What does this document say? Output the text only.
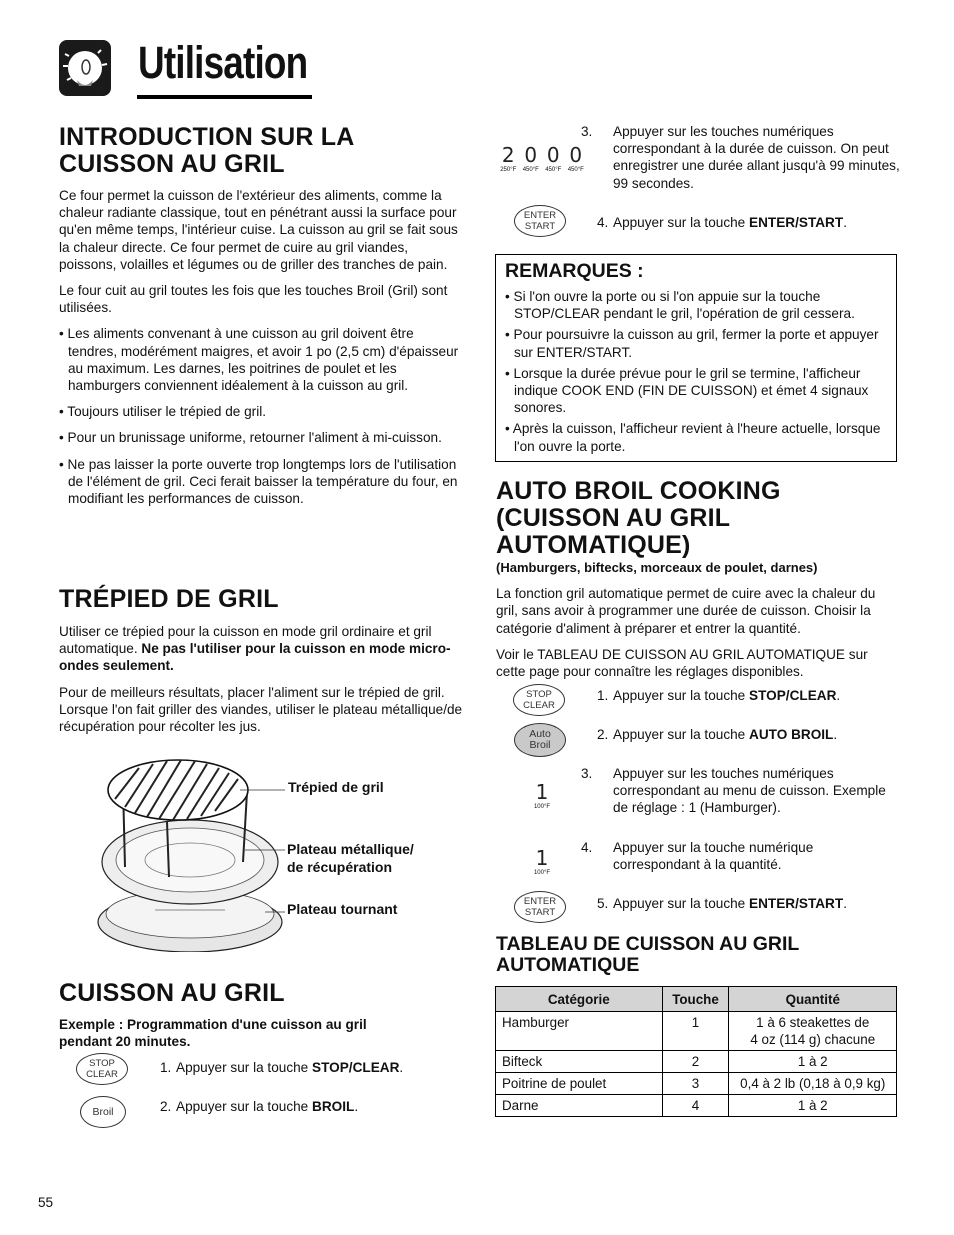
Utilisation
INTRODUCTION SUR LA
CUISSON AU GRIL

Ce four permet la cuisson de l'extérieur des aliments, comme la chaleur radiante classique, tout en pénétrant aussi la surface pour qu'en même temps, l'intérieur cuise. La cuisson au gril se fait sous la chaleur directe. Ce four permet de cuire au gril viandes, poissons, volailles et légumes ou de griller des tranches de pain.

Le four cuit au gril toutes les fois que les touches Broil (Gril) sont utilisées.

• Les aliments convenant à une cuisson au gril doivent être tendres, modérément maigres, et avoir 1 po (2,5 cm) d'épaisseur au maximum. Les darnes, les poitrines de poulet et les hamburgers conviennent idéalement à la cuisson au gril.
• Toujours utiliser le trépied de gril.
• Pour un brunissage uniforme, retourner l'aliment à mi-cuisson.
• Ne pas laisser la porte ouverte trop longtemps lors de l'utilisation de l'élément de gril. Ceci ferait baisser la température du four, en modifiant les performances de cuisson.
TRÉPIED DE GRIL

Utiliser ce trépied pour la cuisson en mode gril ordinaire et gril automatique. Ne pas l'utiliser pour la cuisson en mode micro-ondes seulement.

Pour de meilleurs résultats, placer l'aliment sur le trépied de gril. Lorsque l'on fait griller des viandes, utiliser le plateau métallique/de récupération pour récolter les jus.

Trépied de gril
Plateau métallique/
de récupération
Plateau tournant
CUISSON AU GRIL

Exemple : Programmation d'une cuisson au gril
pendant 20 minutes.

STOP
CLEAR	1. Appuyer sur la touche STOP/CLEAR.
Broil	2. Appuyer sur la touche BROIL.
55
2
250°F
0
450°F
0
450°F
0
450°F
3. Appuyer sur les touches numériques correspondant à la durée de cuisson. On peut enregistrer une durée allant jusqu'à 99 minutes, 99 secondes.
ENTER
START	4. Appuyer sur la touche ENTER/START.
REMARQUES :
• Si l'on ouvre la porte ou si l'on appuie sur la touche STOP/CLEAR pendant le gril, l'opération de gril cessera.
• Pour poursuivre la cuisson au gril, fermer la porte et appuyer sur ENTER/START.
• Lorsque la durée prévue pour le gril se termine, l'afficheur indique COOK END (FIN DE CUISSON) et émet 4 signaux sonores.
• Après la cuisson, l'afficheur revient à l'heure actuelle, lorsque l'on ouvre la porte.
AUTO BROIL COOKING
(CUISSON AU GRIL
AUTOMATIQUE)

(Hamburgers, biftecks, morceaux de poulet, darnes)

La fonction gril automatique permet de cuire avec la chaleur du gril, sans avoir à programmer une durée de cuisson. Choisir la catégorie d'aliment à préparer et entrer la quantité.

Voir le TABLEAU DE CUISSON AU GRIL AUTOMATIQUE sur cette page pour connaître les réglages disponibles.

STOP
CLEAR
1. Appuyer sur la touche STOP/CLEAR.
Auto
Broil
2. Appuyer sur la touche AUTO BROIL.
1
100°F
3. Appuyer sur les touches numériques correspondant au menu de cuisson. Exemple de réglage : 1 (Hamburger).
1
100°F
4. Appuyer sur la touche numérique correspondant à la quantité.
ENTER
START
5. Appuyer sur la touche ENTER/START.
TABLEAU DE CUISSON AU GRIL
AUTOMATIQUE
Catégorie	Touche	Quantité
Hamburger	1	1 à 6 steakettes de
4 oz (114 g) chacune

Bifteck	2	1 à 2
Poitrine de poulet	3	0,4 à 2 lb (0,18 à 0,9 kg)
Darne	4	1 à 2
